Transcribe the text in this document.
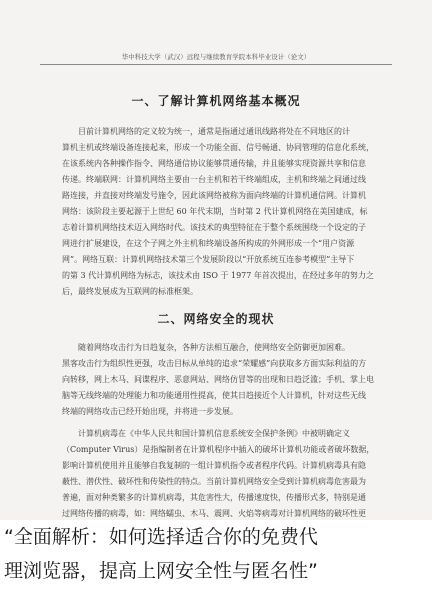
华中科技大学（武汉）远程与继续教育学院本科毕业设计（论文）
一、了解计算机网络基本概况
目前计算机网络的定义较为统一，通常是指通过通讯线路将处在不同地区的计
算机主机或终端设备连接起来，形成一个功能全面、信号畅通、协同管理的信息化系统，
在该系统内各种操作指令、网络通信协议能够贯通传输，并且能够实现资源共享和信息
传递。终端联网：计算机网络主要由一台主机和若干终端组成，主机和终端之间通过线
路连接，并直接对终端发号施令，因此该网络被称为面向终端的计算机通信网。计算机
网络：该阶段主要起源于上世纪 60 年代末期，当时第 2 代计算机网络在美国建成，标
志着计算机网络技术迈入网络时代。该技术的典型特征在于整个系统围绕一个设定的子
网进行扩展建设，在这个子网之外主机和终端设备所构成的外网形成一个“用户资源
网”。网络互联：计算机网络技术第三个发展阶段以“开放系统互连参考模型”主导下
的第 3 代计算机网络为标志，该技术由 ISO 于 1977 年首次提出，在经过多年的努力之
后，最终发展成为互联网的标准框架。
二、网络安全的现状
随着网络攻击行为日趋复杂，各种方法相互融合，使网络安全防御更加困难。
黑客攻击行为组织性更强，攻击目标从单纯的追求“荣耀感”向获取多方面实际利益的方
向转移，网上木马、间谍程序、恶意网站、网络仿冒等的出现和日趋泛滥；手机、掌上电
脑等无线终端的处理能力和功能通用性提高，使其日趋接近个人计算机，针对这些无线
终端的网络攻击已经开始出现，并将进一步发展。
计算机病毒在《中华人民共和国计算机信息系统安全保护条例》中被明确定义
（Computer Virus）是指编制者在计算机程序中插入的破坏计算机功能或者破坏数据，
影响计算机使用并且能够自我复制的一组计算机指令或者程序代码。计算机病毒具有隐
蔽性、潜伏性、破坏性和传染性的特点。当前计算机网络安全受到计算机病毒危害最为
普遍，面对种类繁多的计算机病毒，其危害性大，传播速度快，传播形式多，特别是通
过网络传播的病毒，如：网络蠕虫、木马、震网、火焰等病毒对计算机网络的破坏性更
“全面解析：如何选择适合你的免费代
理浏览器，提高上网安全性与匿名性”
